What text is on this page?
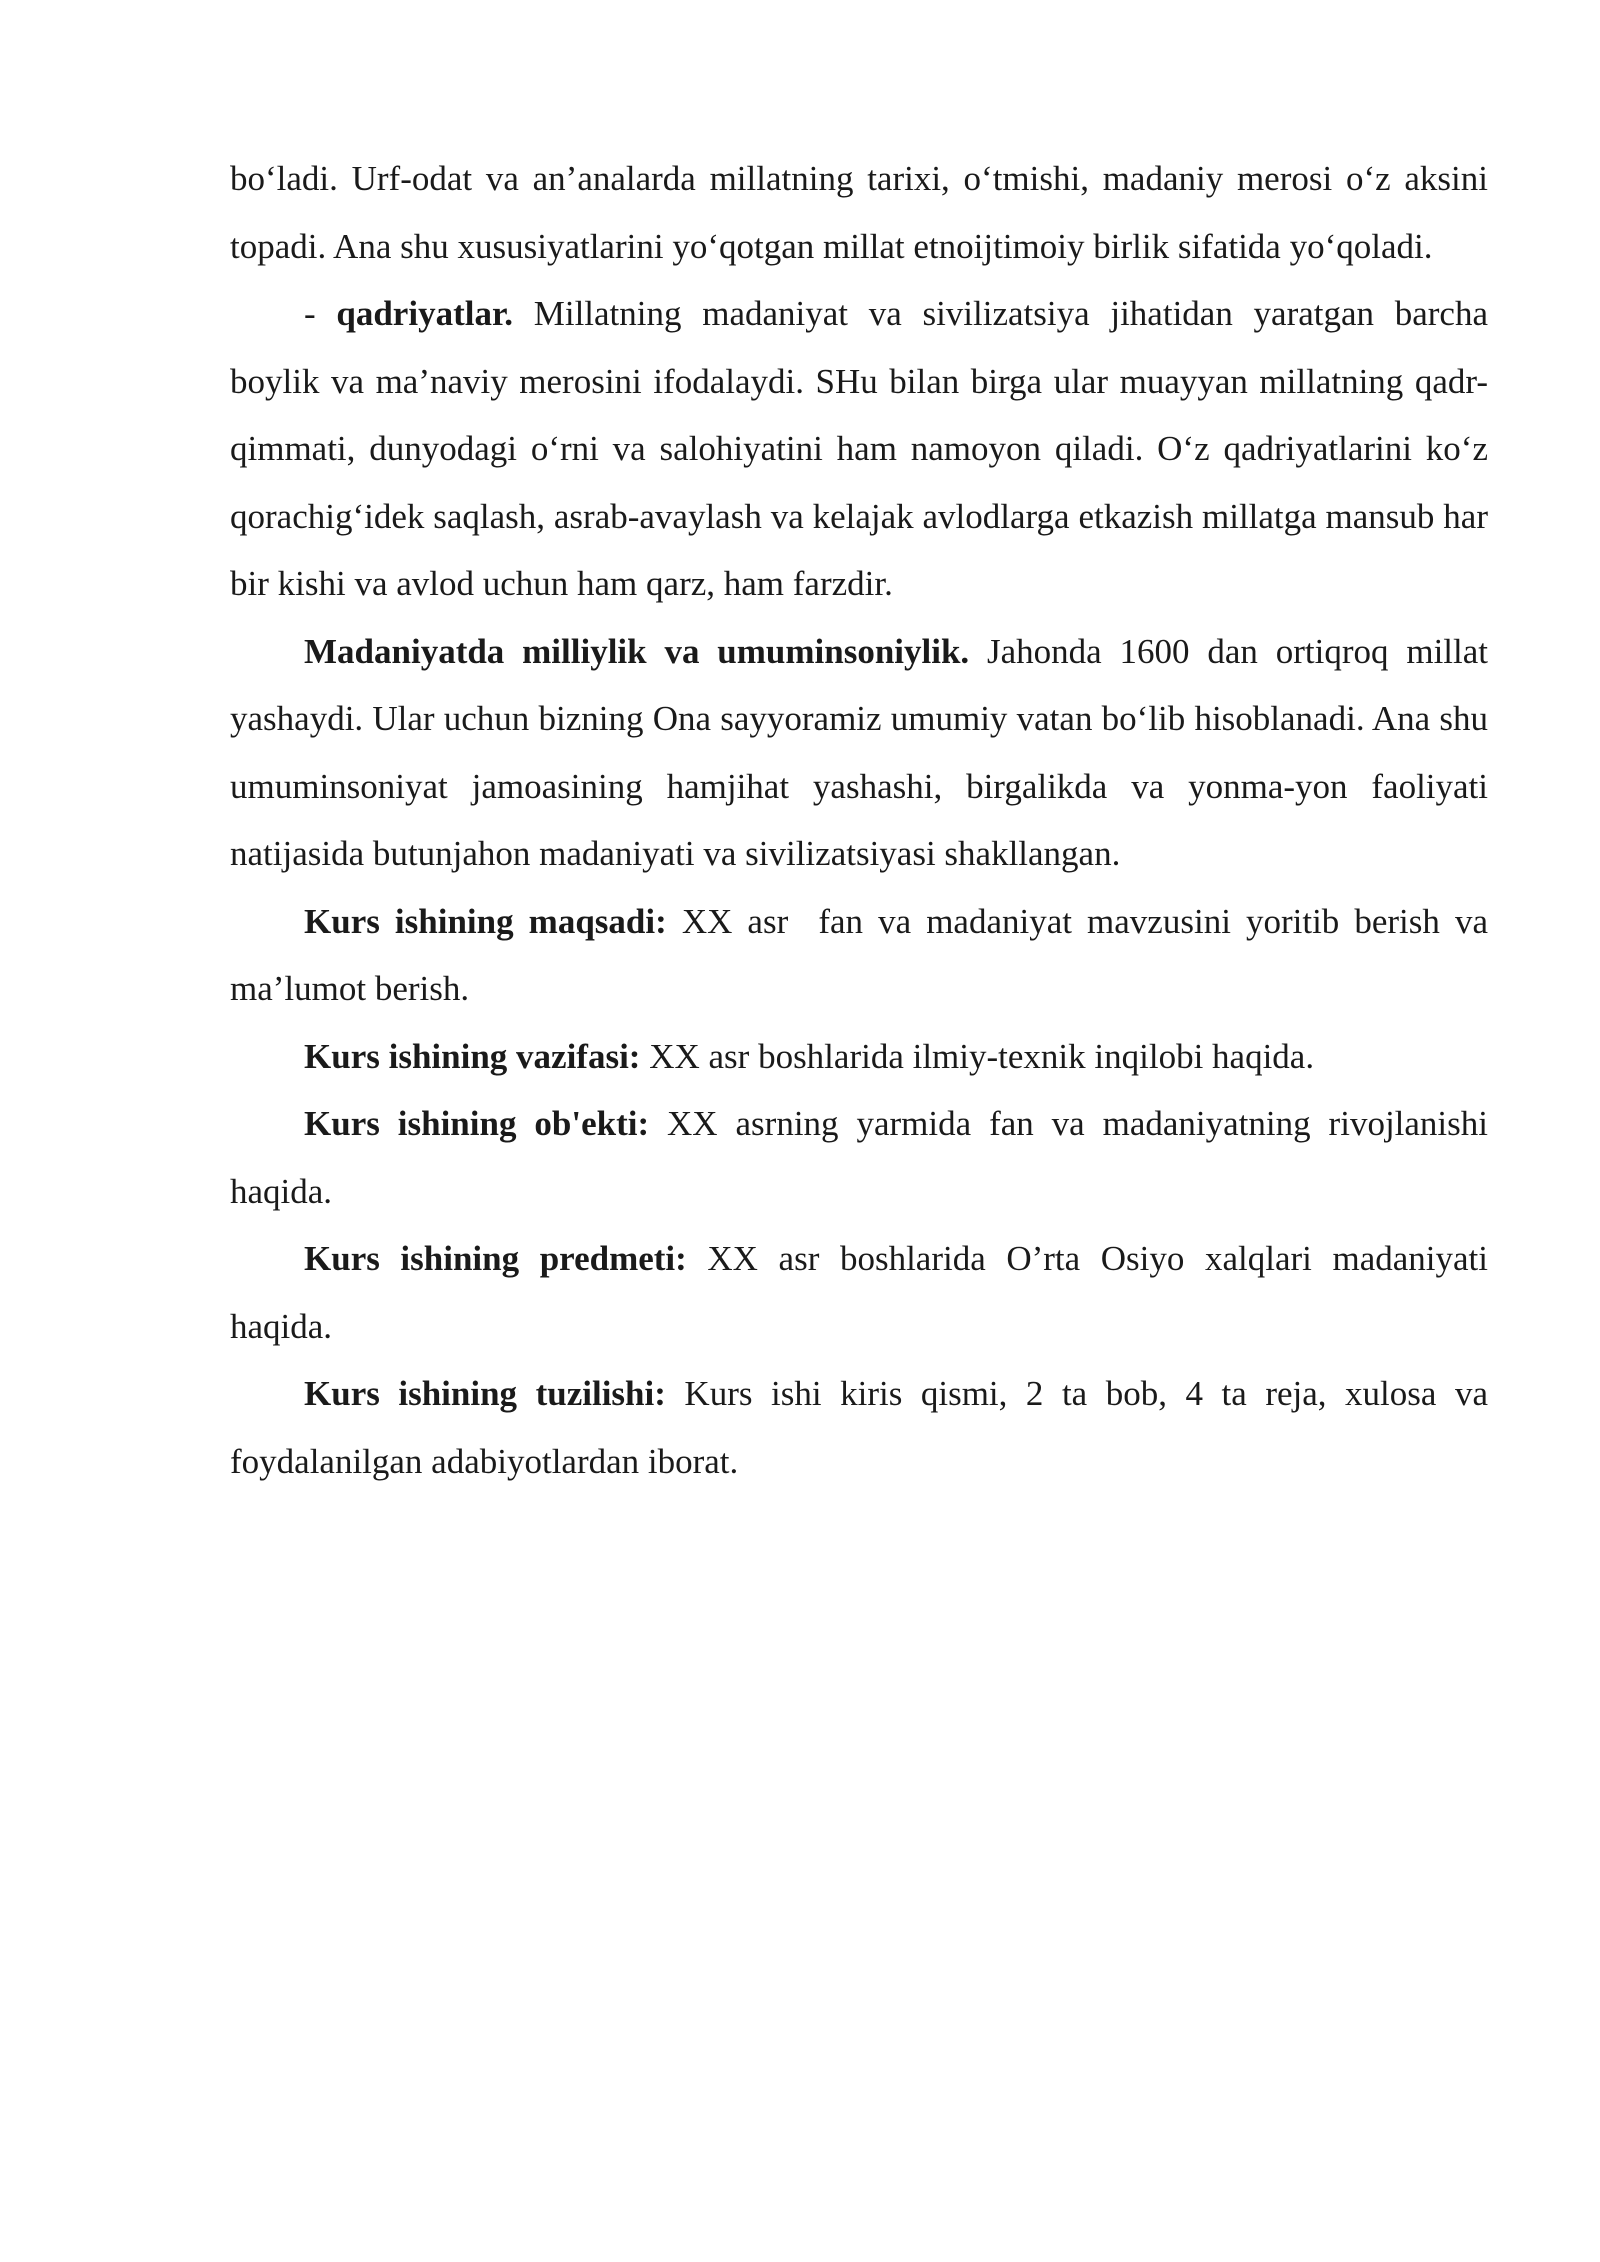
bo‘ladi. Urf-odat va an’analarda millatning tarixi, o‘tmishi, madaniy merosi o‘z aksini topadi. Ana shu xususiyatlarini yo‘qotgan millat etnoijtimoiy birlik sifatida yo‘qoladi.

- qadriyatlar. Millatning madaniyat va sivilizatsiya jihatidan yaratgan barcha boylik va ma’naviy merosini ifodalaydi. SHu bilan birga ular muayyan millatning qadr-qimmati, dunyodagi o‘rni va salohiyatini ham namoyon qiladi. O‘z qadriyatlarini ko‘z qorachig‘idek saqlash, asrab-avaylash va kelajak avlodlarga etkazish millatga mansub har bir kishi va avlod uchun ham qarz, ham farzdir.

Madaniyatda milliylik va umuminsoniylik. Jahonda 1600 dan ortiqroq millat yashaydi. Ular uchun bizning Ona sayyoramiz umumiy vatan bo‘lib hisoblanadi. Ana shu umuminsoniyat jamoasining hamjihat yashashi, birgalikda va yonma-yon faoliyati natijasida butunjahon madaniyati va sivilizatsiyasi shakllangan.

Kurs ishining maqsadi: XX asr  fan va madaniyat mavzusini yoritib berish va ma’lumot berish.

Kurs ishining vazifasi: XX asr boshlarida ilmiy-texnik inqilobi haqida.

Kurs ishining ob'ekti: XX asrning yarmida fan va madaniyatning rivojlanishi haqida.

Kurs ishining predmeti: XX asr boshlarida O’rta Osiyo xalqlari madaniyati haqida.

Kurs ishining tuzilishi: Kurs ishi kiris qismi, 2 ta bob, 4 ta reja, xulosa va foydalanilgan adabiyotlardan iborat.
